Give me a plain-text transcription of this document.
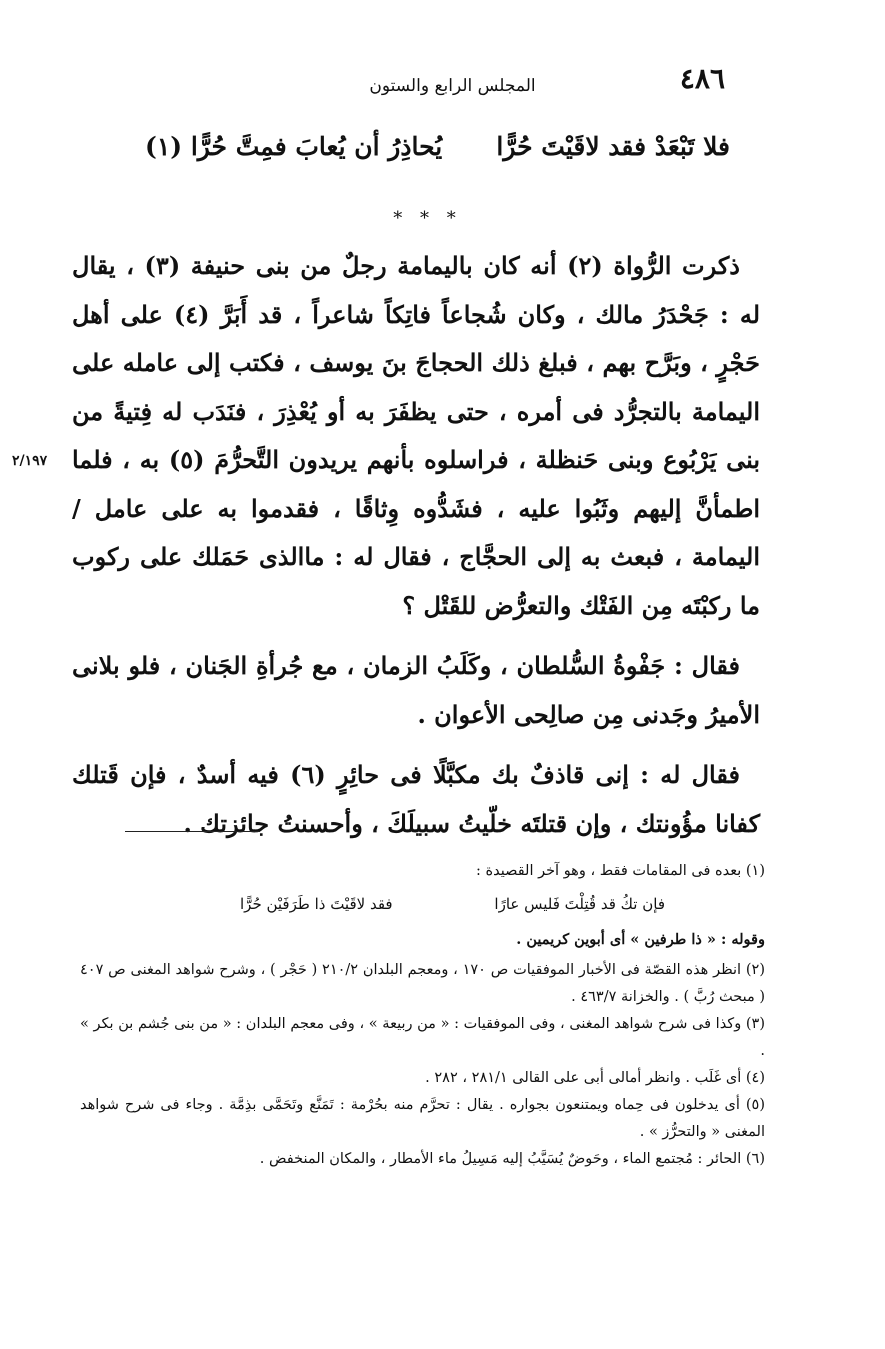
٤٨٦
المجلس الرابع والستون
فلا تَبْعَدْ فقد لاقَيْتَ حُرًّا
يُحاذِرُ أن يُعابَ فمِتَّ حُرًّا (١)
* * *
٢/١٩٧

ذكرت الرُّواة (٢) أنه كان باليمامة رجلٌ من بنى حنيفة (٣) ، يقال له : جَحْدَرُ مالك ، وكان شُجاعاً فاتِكاً شاعراً ، قد أَبَرَّ (٤) على أهل حَجْرٍ ، وبَرَّح بهم ، فبلغ ذلك الحجاجَ بنَ يوسف ، فكتب إلى عامله على اليمامة بالتجرُّد فى أمره ، حتى يظفَرَ به أو يُعْذِرَ ، فنَدَب له فِتيةً من بنى يَرْبُوع وبنى حَنظلة ، فراسلوه بأنهم يريدون التَّحرُّمَ (٥) به ، فلما اطمأنَّ إليهم وثَبُوا عليه ، فشَدُّوه وِثاقًا ، فقدموا به على عامل / اليمامة ، فبعث به إلى الحجَّاج ، فقال له : ماالذى حَمَلك على ركوب ما ركبْتَه مِن الفَتْك والتعرُّض للقَتْل ؟

فقال : جَفْوةُ السُّلطان ، وكَلَبُ الزمان ، مع جُرأةِ الجَنان ، فلو بلانى الأميرُ وجَدنى مِن صالِحى الأعوان .

فقال له : إنى قاذفٌ بك مكبَّلًا فى حائِرٍ (٦) فيه أسدٌ ، فإن قَتلك كفانا مؤُونتك ، وإن قتلتَه خلّيتُ سبيلَكَ ، وأحسنتُ جائزتك .

(١) بعده فى المقامات فقط ، وهو آخر القصيدة :

فإن تكُ قد قُتِلْتَ فَليس عارًا
فقد لاقَيْتَ ذا طَرَفَيْن حُرًّا

وقوله : « ذا طرفين » أى أبوين كريمين .

(٢) انظر هذه القصّة فى الأخبار الموفقيات ص ١٧٠ ، ومعجم البلدان ٢١٠/٢ ( حَجْر ) ، وشرح شواهد المغنى ص ٤٠٧ ( مبحث رُبَّ ) . والخزانة ٤٦٣/٧ .

(٣) وكذا فى شرح شواهد المغنى ، وفى الموفقيات : « من ربيعة » ، وفى معجم البلدان : « من بنى جُشم بن بكر » .

(٤) أى غَلَب . وانظر أمالى أبى على القالى ٢٨١/١ ، ٢٨٢ .

(٥) أى يدخلون فى حِماه ويمتنعون بجواره . يقال : تحرَّم منه بحُرْمة : تَمَنَّع وتَحَمَّى بذِمَّة . وجاء فى شرح شواهد المغنى « والتحرُّز » .

(٦) الحائر : مُجتمع الماء ، وحَوضٌ يُسَيَّبُ إليه مَسِيلُ ماء الأمطار ، والمكان المنخفض .
